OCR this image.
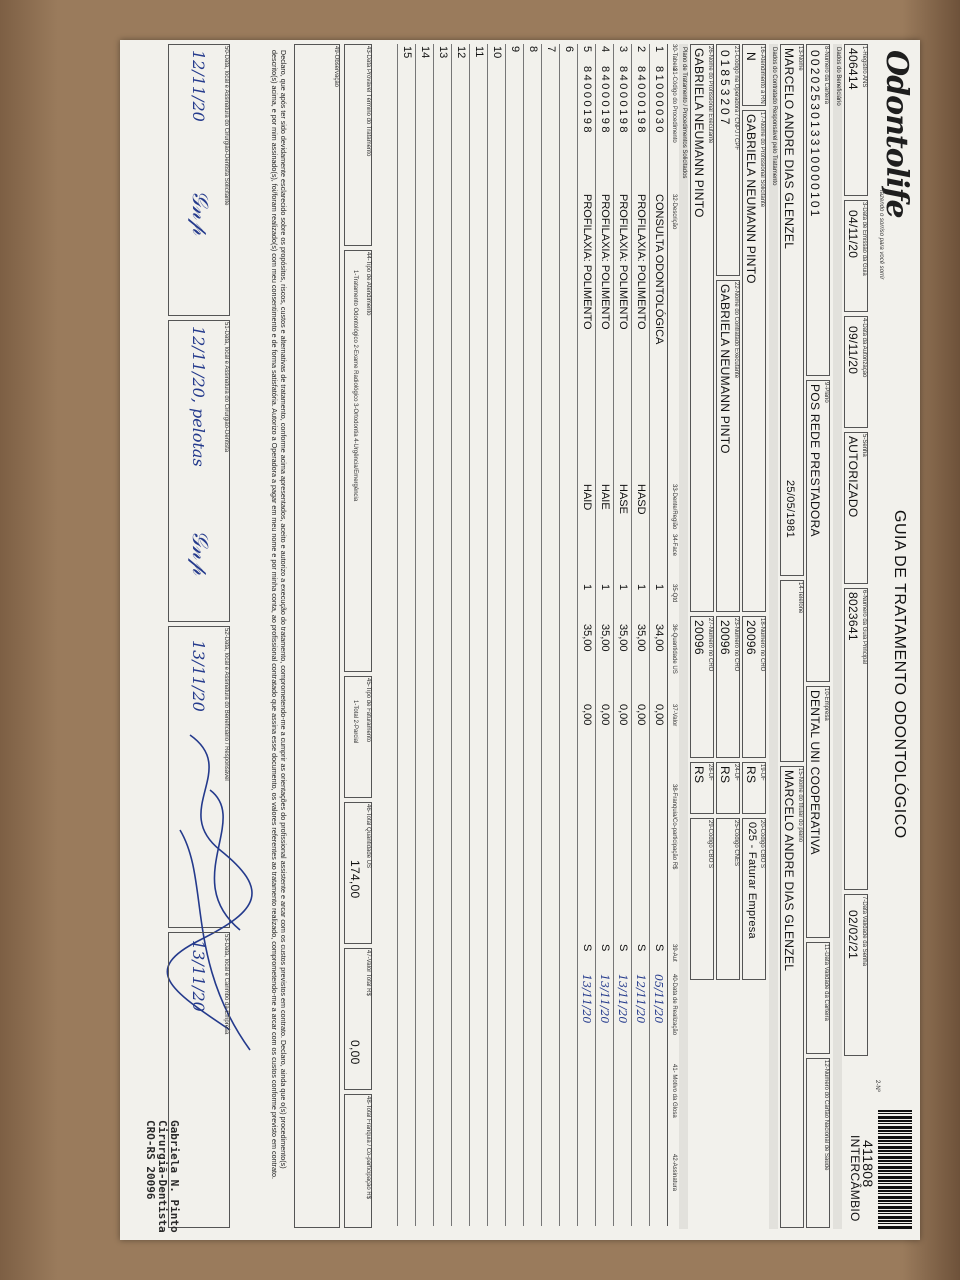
Odontolife
fazendo o sorriso para você sorrir
GUIA DE TRATAMENTO ODONTOLÓGICO
2-Nº
411808
INTERCÂMBIO
1-Registro ANS
406414
3-Data de Emissão da Guia
04/11/20
4-Data da Autorização
09/11/20
5-Senha
AUTORIZADO
6-Número da Guia Principal
8023641
7-Data Validade da Senha
02/02/21
Dados do Beneficiário
8-Número da Carteira
0020253013310000101
9-Plano
POS REDE PRESTADORA
10-Empresa
DENTAL UNI COOPERATIVA
11-Data Validade da Carteira
12-Número do Cartão Nacional de Saúde
13-Nome
MARCELO ANDRE DIAS GLENZEL
25/05/1981
14-Telefone
15-Nome do titular do plano
MARCELO ANDRE DIAS GLENZEL
Dados do Contratado Responsável pelo Tratamento
16-Atendimento a RN
N
17-Nome do Profissional Solicitante
GABRIELA NEUMANN PINTO
18-Número no CRO
20096
19-UF
RS
20-Código CBO S
025 - Faturar Empresa
21-Código na Operadora / CNPJ / CPF
01853207
22-Nome do Contratado Executante
GABRIELA NEUMANN PINTO
23-Número no CRO
20096
24-UF
RS
25-Código CNES
26-Nome do Profissional Executante
GABRIELA NEUMANN PINTO
27-Número no CRO
20096
28-UF
RS
29-Código CBO S
Plano de Tratamento / Procedimentos Solicitados
30-Tabela
31-Código do Procedimento
32-Descrição
33-Dente/Região
34-Face
35-Qtd
36-Quantidade US
37-Valor
38-Franquia/Co-participação R$
39-Aut
40-Data de Realização
41- Motivo da Glosa
42-Assinatura
1
81000030
CONSULTA ODONTOLÓGICA
1
34,00
0,00
S
05/11/20
2
84000198
PROFILAXIA: POLIMENTO
HASD
1
35,00
0,00
S
12/11/20
3
84000198
PROFILAXIA: POLIMENTO
HASE
1
35,00
0,00
S
13/11/20
4
84000198
PROFILAXIA: POLIMENTO
HAIE
1
35,00
0,00
S
13/11/20
5
84000198
PROFILAXIA: POLIMENTO
HAID
1
35,00
0,00
S
13/11/20
6
7
8
9
10
11
12
13
14
15
43-Data Provável Término do Tratamento
44-Tipo de Atendimento
1-Tratamento Odontológico 2-Exame Radiológico 3-Ortodontia 4-Urgência/Emergência
45-Tipo de Faturamento
1-Total 2-Parcial
46-Total Quantidade US
174,00
47-Valor Total R$
0,00
48-Total Franquia / Co-participação R$
49-Observação
Declaro, que após ter sido devidamente esclarecido sobre os propósitos, riscos, custos e alternativas de tratamento, conforme acima apresentados, aceito e autorizo a execução do tratamento, comprometendo-me a cumprir as orientações do profissional assistente e arcar com os custos previstos em contrato. Declaro, ainda que o(s) procedimento(s) descrito(s) acima, e por mim assinado(s), foi/foram realizado(s) com meu consentimento e de forma satisfatória. Autorizo a Operadora a pagar em meu nome e por minha conta, ao profissional contratado que assina esse documento, os valores referentes ao tratamento realizado, comprometendo-me a arcar com os custos conforme previsto em contrato.
50-Data, local e Assinatura do Cirurgião-Dentista Solicitante
12/11/20
𝒢𝓃𝓅
51-Data, local e Assinatura do Cirurgião-Dentista
12/11/20, pelotas
𝒢𝓃𝓅
52-Data, local e Assinatura do Beneficiário / Responsável
13/11/20
53-Data, local e Carimbo da Empresa
13/11/20
Gabriela N. Pinto
Cirurgiã-Dentista
CRO-RS 20096
